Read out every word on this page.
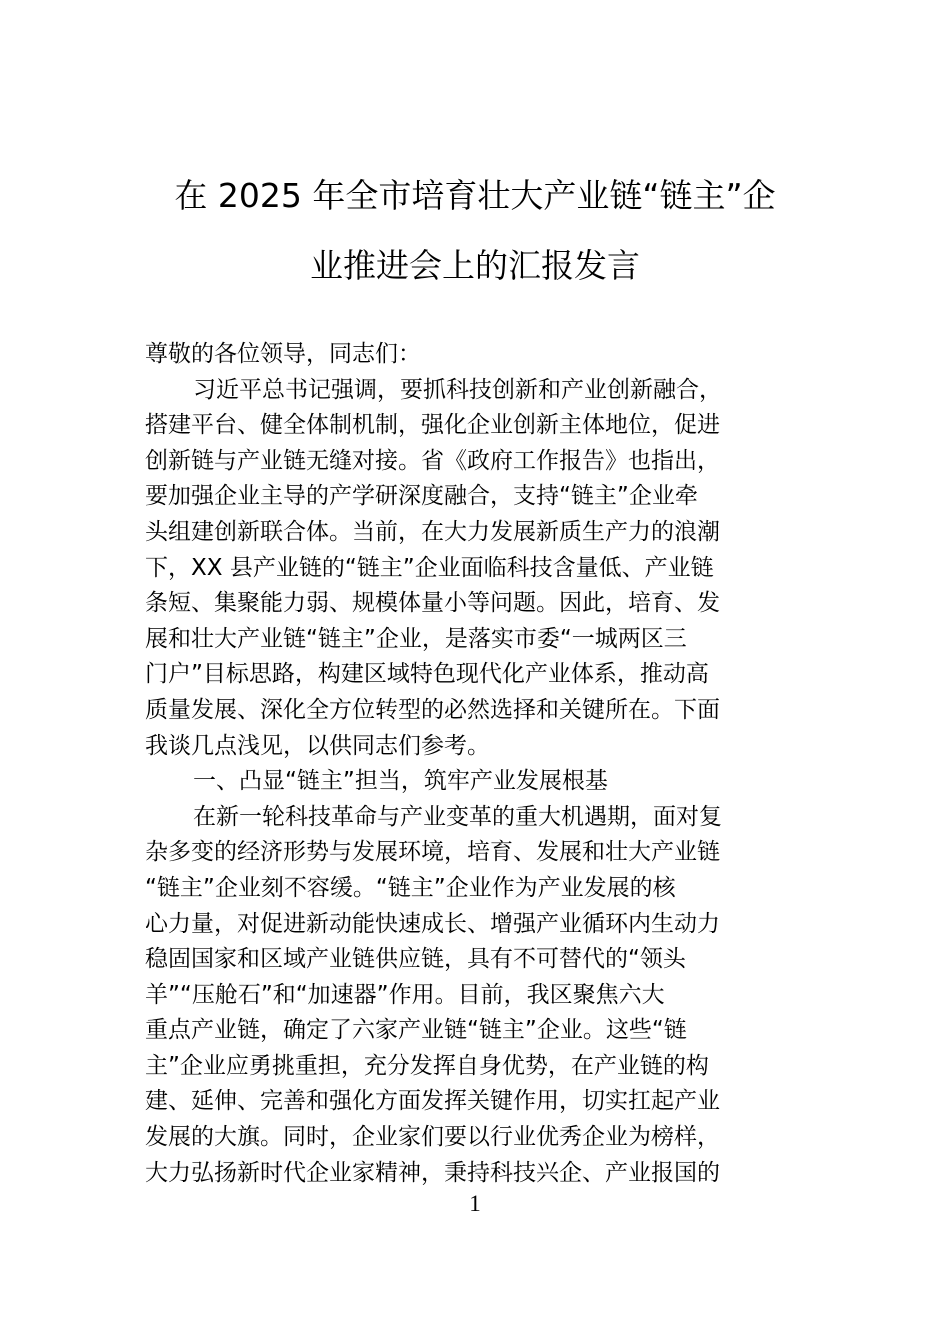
在 2025 年全市培育壮大产业链“链主”企
业推进会上的汇报发言
尊敬的各位领导，同志们：
习近平总书记强调，要抓科技创新和产业创新融合，
搭建平台、健全体制机制，强化企业创新主体地位，促进
创新链与产业链无缝对接。省《政府工作报告》也指出，
要加强企业主导的产学研深度融合，支持“链主”企业牵
头组建创新联合体。当前，在大力发展新质生产力的浪潮
下，XX 县产业链的“链主”企业面临科技含量低、产业链
条短、集聚能力弱、规模体量小等问题。因此，培育、发
展和壮大产业链“链主”企业，是落实市委“一城两区三
门户”目标思路，构建区域特色现代化产业体系，推动高
质量发展、深化全方位转型的必然选择和关键所在。下面
我谈几点浅见，以供同志们参考。
一、凸显“链主”担当，筑牢产业发展根基
在新一轮科技革命与产业变革的重大机遇期，面对复
杂多变的经济形势与发展环境，培育、发展和壮大产业链
“链主”企业刻不容缓。“链主”企业作为产业发展的核
心力量，对促进新动能快速成长、增强产业循环内生动力
稳固国家和区域产业链供应链，具有不可替代的“领头
羊”“压舱石”和“加速器”作用。目前，我区聚焦六大
重点产业链，确定了六家产业链“链主”企业。这些“链
主”企业应勇挑重担，充分发挥自身优势，在产业链的构
建、延伸、完善和强化方面发挥关键作用，切实扛起产业
发展的大旗。同时，企业家们要以行业优秀企业为榜样，
大力弘扬新时代企业家精神，秉持科技兴企、产业报国的
1
